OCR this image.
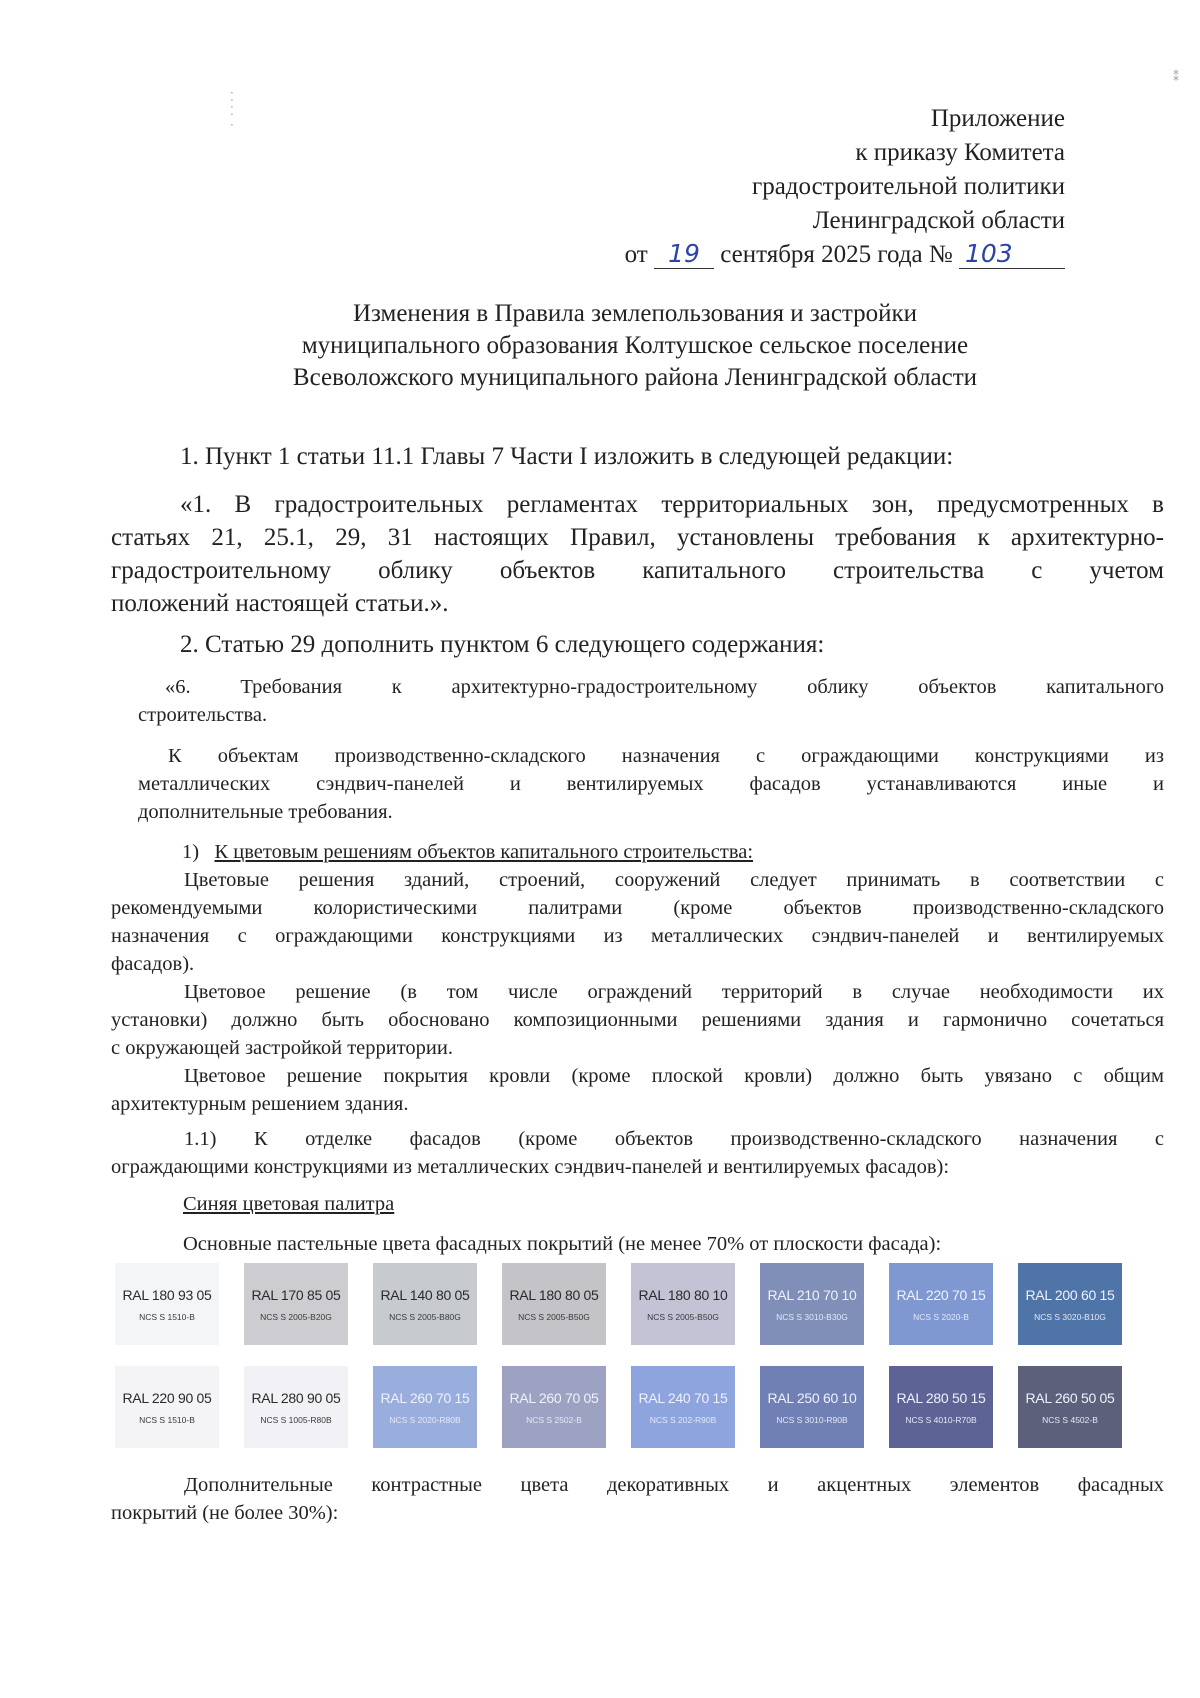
⁚
⁚
·
⁑
Приложение
к приказу Комитета
градостроительной политики
Ленинградской области
от 19 сентября 2025 года № 103
Изменения в Правила землепользования и застройки
муниципального образования Колтушское сельское поселение
Всеволожского муниципального района Ленинградской области
1. Пункт 1 статьи 11.1 Главы 7 Части I изложить в следующей редакции:
«1. В градостроительных регламентах территориальных зон, предусмотренных в
статьях 21, 25.1, 29, 31 настоящих Правил, установлены требования к архитектурно-
градостроительному облику объектов капитального строительства с учетом
положений настоящей статьи.».
2. Статью 29 дополнить пунктом 6 следующего содержания:
«6. Требования к архитектурно-градостроительному облику объектов капитального
строительства.
К объектам производственно-складского назначения с ограждающими конструкциями из
металлических сэндвич-панелей и вентилируемых фасадов устанавливаются иные и
дополнительные требования.
1) К цветовым решениям объектов капитального строительства:
Цветовые решения зданий, строений, сооружений следует принимать в соответствии с
рекомендуемыми колористическими палитрами (кроме объектов производственно-складского
назначения с ограждающими конструкциями из металлических сэндвич-панелей и вентилируемых
фасадов).
Цветовое решение (в том числе ограждений территорий в случае необходимости их
установки) должно быть обосновано композиционными решениями здания и гармонично сочетаться
с окружающей застройкой территории.
Цветовое решение покрытия кровли (кроме плоской кровли) должно быть увязано с общим
архитектурным решением здания.
1.1) К отделке фасадов (кроме объектов производственно-складского назначения с
ограждающими конструкциями из металлических сэндвич-панелей и вентилируемых фасадов):
Синяя цветовая палитра
Основные пастельные цвета фасадных покрытий (не менее 70% от плоскости фасада):
RAL 180 93 05
NCS S 1510-B
RAL 170 85 05
NCS S 2005-B20G
RAL 140 80 05
NCS S 2005-B80G
RAL 180 80 05
NCS S 2005-B50G
RAL 180 80 10
NCS S 2005-B50G
RAL 210 70 10
NCS S 3010-B30G
RAL 220 70 15
NCS S 2020-B
RAL 200 60 15
NCS S 3020-B10G
RAL 220 90 05
NCS S 1510-B
RAL 280 90 05
NCS S 1005-R80B
RAL 260 70 15
NCS S 2020-R80B
RAL 260 70 05
NCS S 2502-B
RAL 240 70 15
NCS S 202-R90B
RAL 250 60 10
NCS S 3010-R90B
RAL 280 50 15
NCS S 4010-R70B
RAL 260 50 05
NCS S 4502-B
Дополнительные контрастные цвета декоративных и акцентных элементов фасадных
покрытий (не более 30%):
